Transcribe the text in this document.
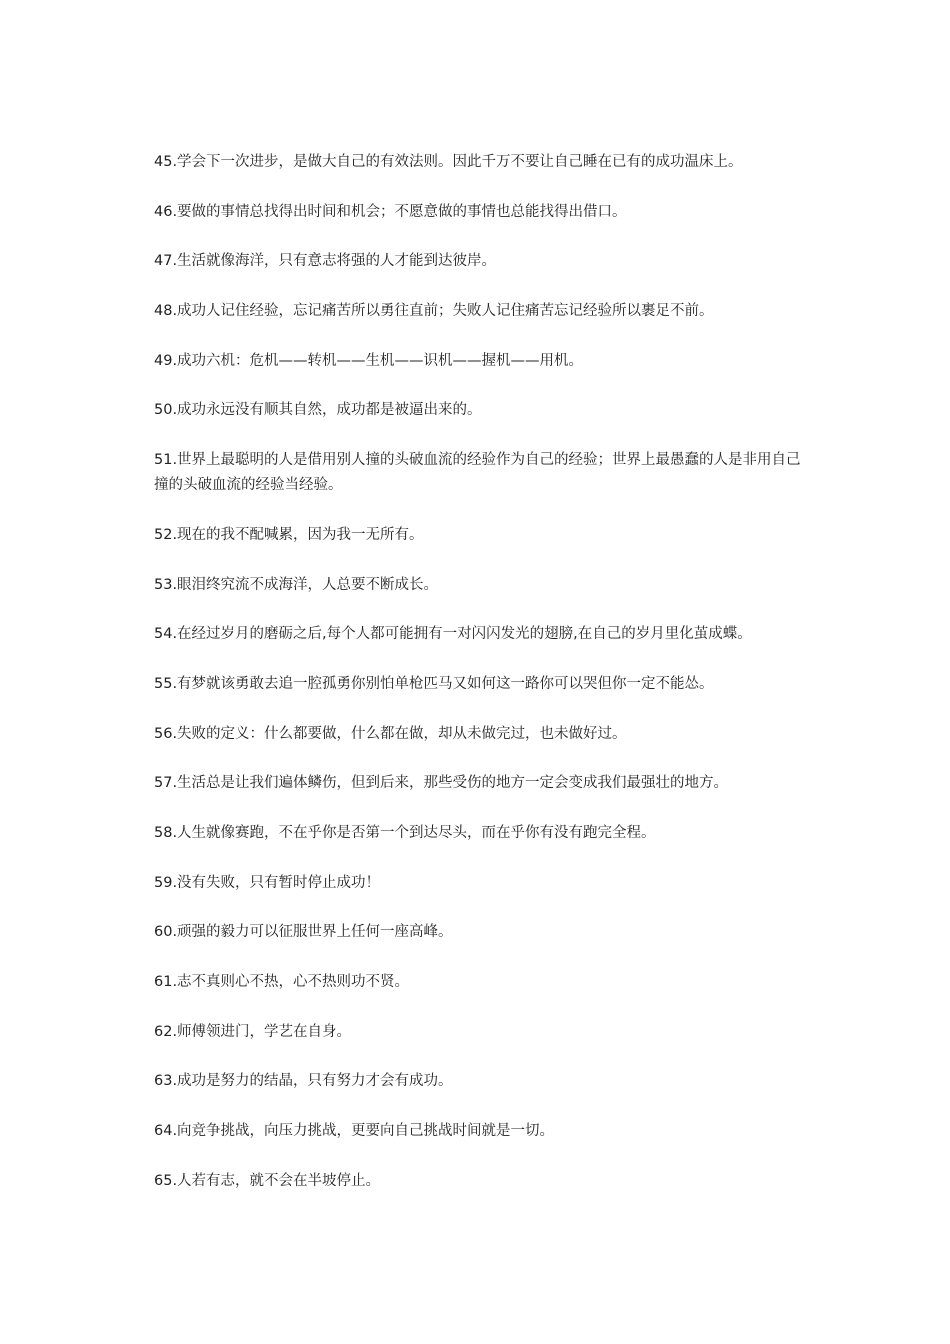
45.学会下一次进步，是做大自己的有效法则。因此千万不要让自己睡在已有的成功温床上。
46.要做的事情总找得出时间和机会；不愿意做的事情也总能找得出借口。
47.生活就像海洋，只有意志将强的人才能到达彼岸。
48.成功人记住经验，忘记痛苦所以勇往直前；失败人记住痛苦忘记经验所以裹足不前。
49.成功六机：危机——转机——生机——识机——握机——用机。
50.成功永远没有顺其自然，成功都是被逼出来的。
51.世界上最聪明的人是借用别人撞的头破血流的经验作为自己的经验；世界上最愚蠢的人是非用自己撞的头破血流的经验当经验。
52.现在的我不配喊累，因为我一无所有。
53.眼泪终究流不成海洋，人总要不断成长。
54.在经过岁月的磨砺之后,每个人都可能拥有一对闪闪发光的翅膀,在自己的岁月里化茧成蝶。
55.有梦就该勇敢去追一腔孤勇你别怕单枪匹马又如何这一路你可以哭但你一定不能怂。
56.失败的定义：什么都要做，什么都在做，却从未做完过，也未做好过。
57.生活总是让我们遍体鳞伤，但到后来，那些受伤的地方一定会变成我们最强壮的地方。
58.人生就像赛跑，不在乎你是否第一个到达尽头，而在乎你有没有跑完全程。
59.没有失败，只有暂时停止成功！
60.顽强的毅力可以征服世界上任何一座高峰。
61.志不真则心不热，心不热则功不贤。
62.师傅领进门，学艺在自身。
63.成功是努力的结晶，只有努力才会有成功。
64.向竞争挑战，向压力挑战，更要向自己挑战时间就是一切。
65.人若有志，就不会在半坡停止。
